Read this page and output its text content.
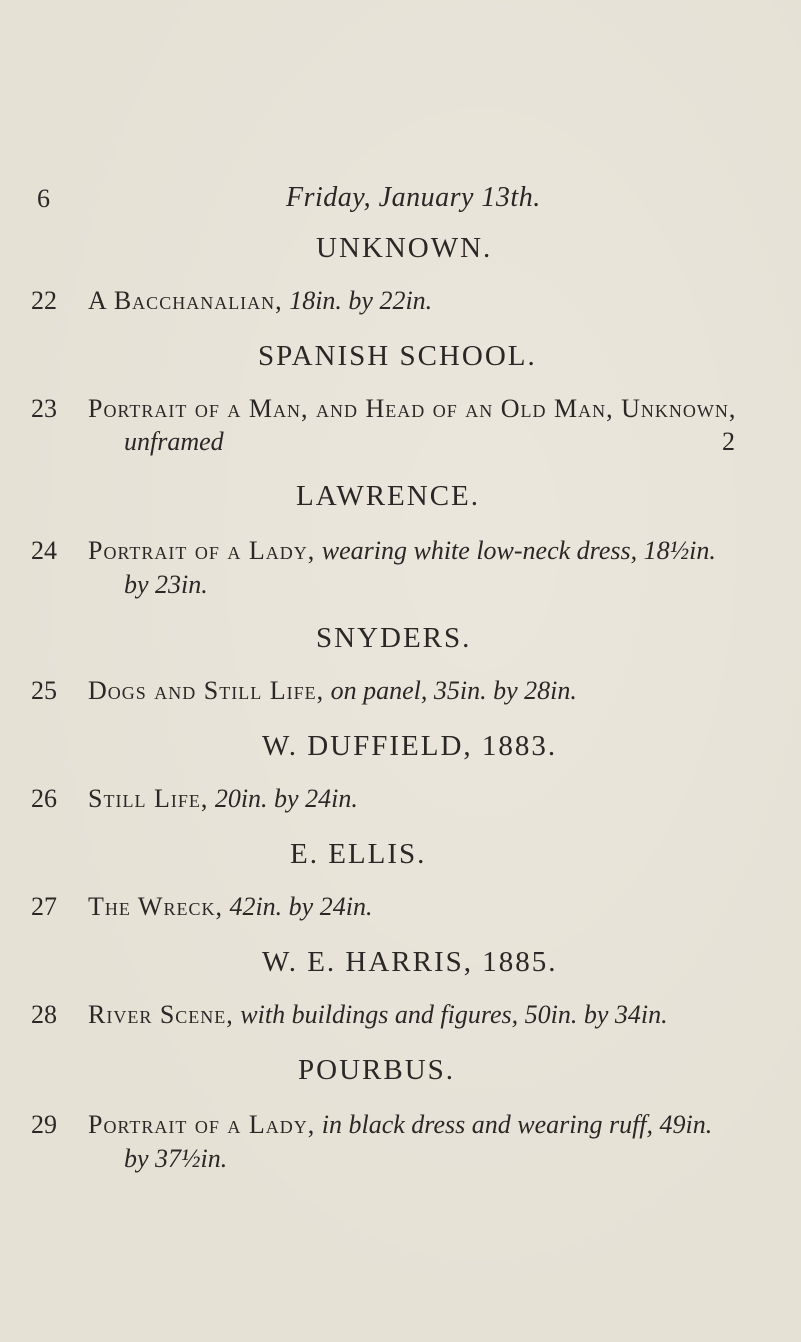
6	Friday, January 13th.
UNKNOWN.
22 A Bacchanalian, 18in. by 22in.
SPANISH SCHOOL.
23 Portrait of a Man, and Head of an Old Man, Unknown,
unframed	2
LAWRENCE.
24 Portrait of a Lady, wearing white low-neck dress, 18½in.
by 23in.
SNYDERS.
25 Dogs and Still Life, on panel, 35in. by 28in.
W. DUFFIELD, 1883.
26 Still Life, 20in. by 24in.
E. ELLIS.
27 The Wreck, 42in. by 24in.
W. E. HARRIS, 1885.
28 River Scene, with buildings and figures, 50in. by 34in.
POURBUS.
29 Portrait of a Lady, in black dress and wearing ruff, 49in.
by 37½in.
